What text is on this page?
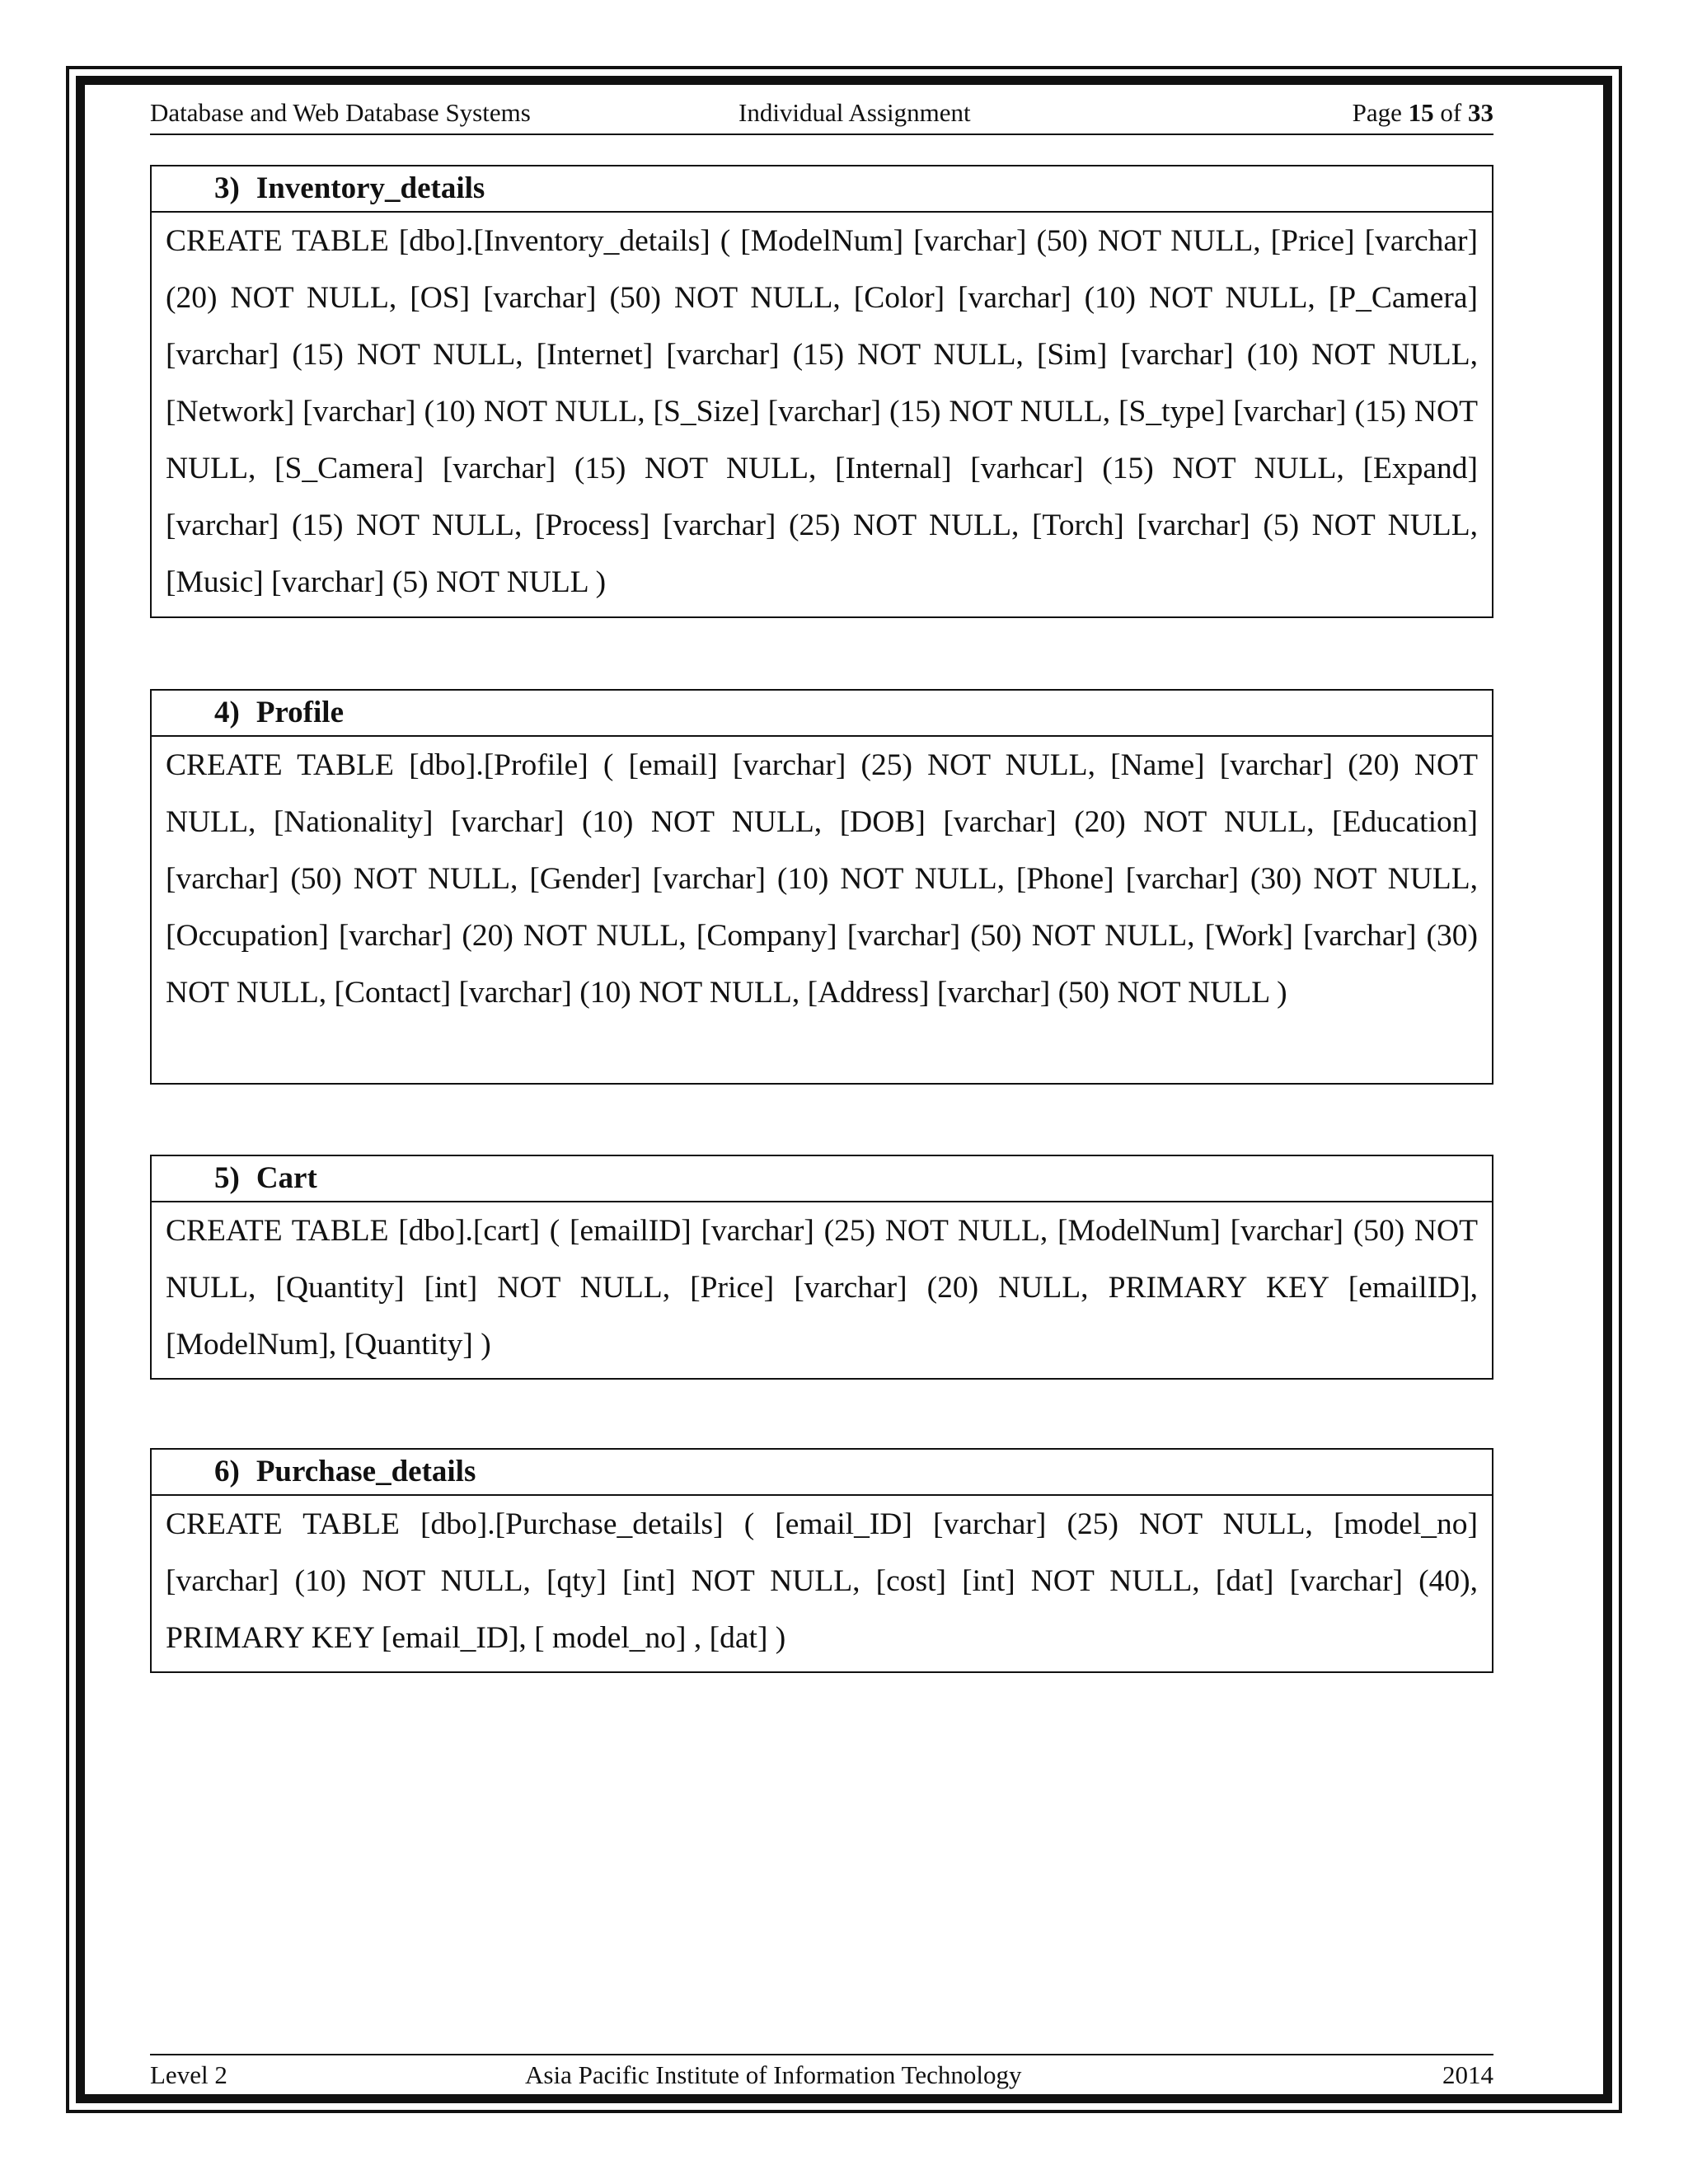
Database and Web Database Systems	Individual Assignment	Page 15 of 33
3) Inventory_details
CREATE TABLE [dbo].[Inventory_details] ( [ModelNum] [varchar] (50) NOT NULL, [Price] [varchar] (20) NOT NULL, [OS] [varchar] (50) NOT NULL, [Color] [varchar] (10) NOT NULL, [P_Camera] [varchar] (15) NOT NULL, [Internet] [varchar] (15) NOT NULL, [Sim] [varchar] (10) NOT NULL, [Network] [varchar] (10) NOT NULL, [S_Size] [varchar] (15) NOT NULL, [S_type] [varchar] (15) NOT NULL, [S_Camera] [varchar] (15) NOT NULL, [Internal] [varhcar] (15) NOT NULL, [Expand] [varchar] (15) NOT NULL, [Process] [varchar] (25) NOT NULL, [Torch] [varchar] (5) NOT NULL, [Music] [varchar] (5) NOT NULL )
4) Profile
CREATE TABLE [dbo].[Profile] ( [email] [varchar] (25) NOT NULL, [Name] [varchar] (20) NOT NULL, [Nationality] [varchar] (10) NOT NULL, [DOB] [varchar] (20) NOT NULL, [Education] [varchar] (50) NOT NULL, [Gender] [varchar] (10) NOT NULL, [Phone] [varchar] (30) NOT NULL, [Occupation] [varchar] (20) NOT NULL, [Company] [varchar] (50) NOT NULL, [Work] [varchar] (30) NOT NULL, [Contact] [varchar] (10) NOT NULL, [Address] [varchar] (50) NOT NULL )
5) Cart
CREATE TABLE [dbo].[cart] ( [emailID] [varchar] (25) NOT NULL, [ModelNum] [varchar] (50) NOT NULL, [Quantity] [int] NOT NULL, [Price] [varchar] (20) NULL, PRIMARY KEY [emailID], [ModelNum], [Quantity] )
6) Purchase_details
CREATE TABLE [dbo].[Purchase_details] ( [email_ID] [varchar] (25) NOT NULL, [model_no] [varchar] (10) NOT NULL, [qty] [int] NOT NULL, [cost] [int] NOT NULL, [dat] [varchar] (40), PRIMARY KEY [email_ID], [ model_no] , [dat] )
Level 2	Asia Pacific Institute of Information Technology	2014
